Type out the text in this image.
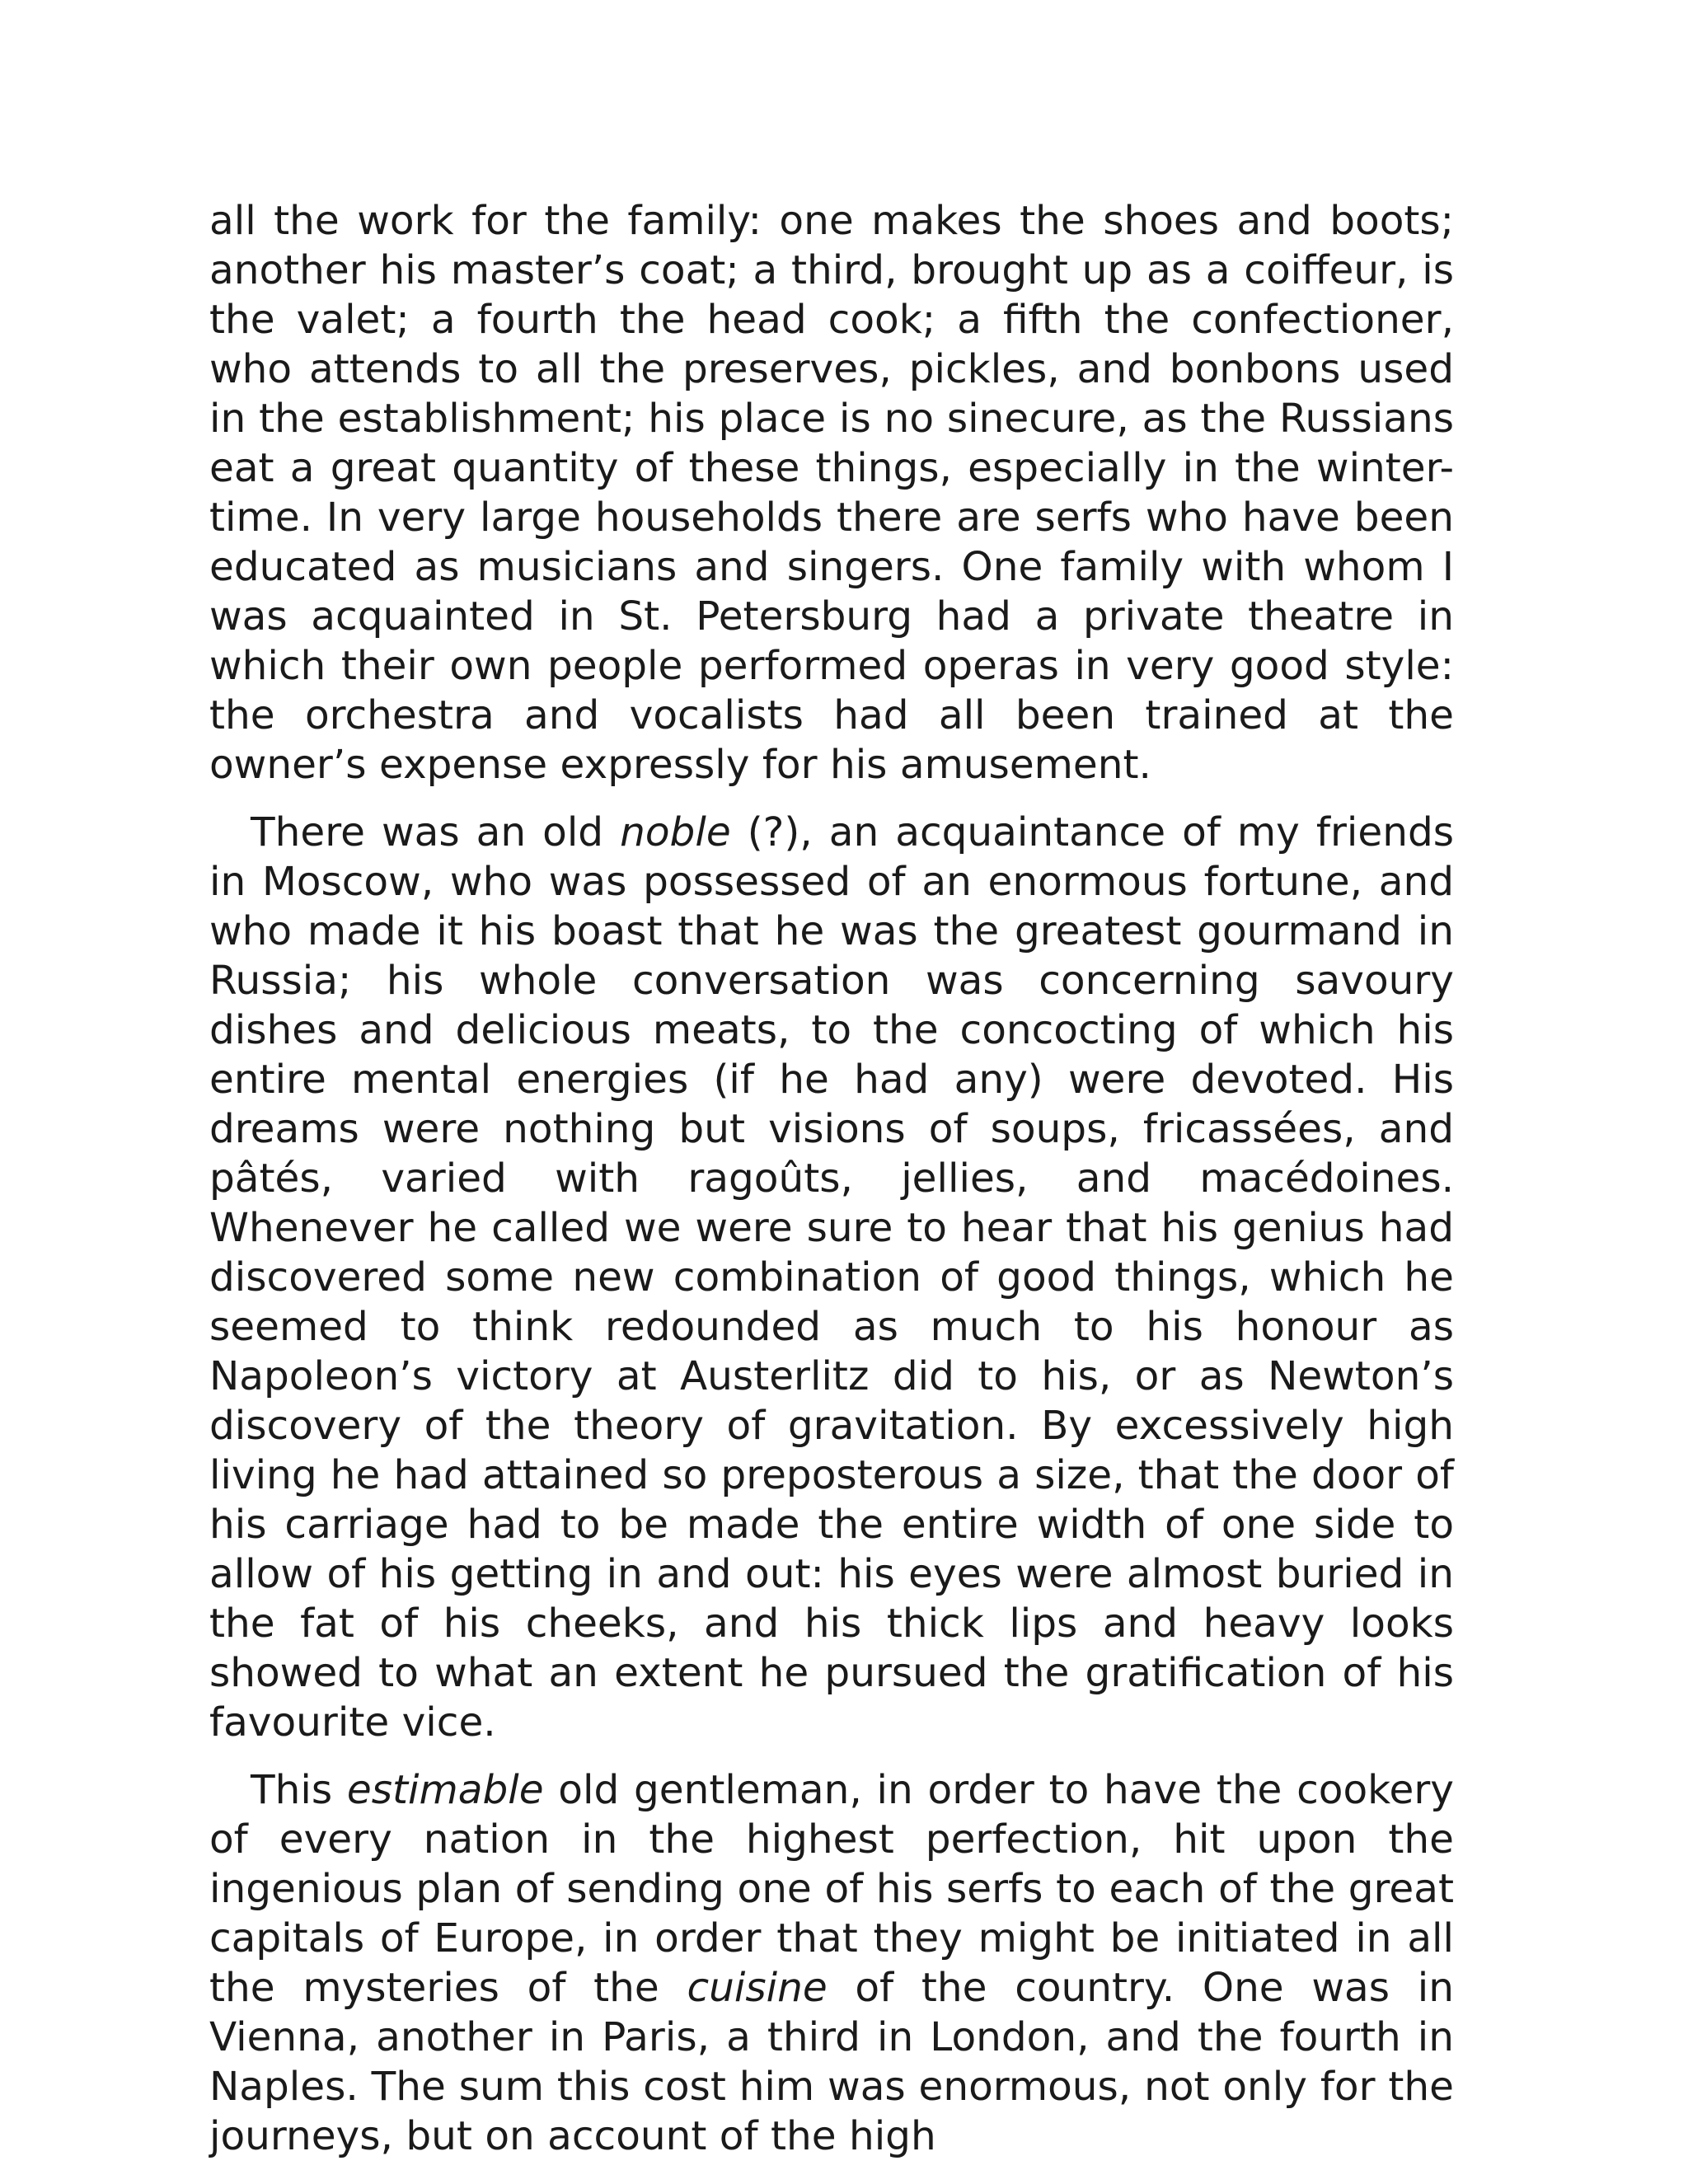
all the work for the family: one makes the shoes and boots; another his master’s coat; a third, brought up as a coiffeur, is the valet; a fourth the head cook; a fifth the confectioner, who attends to all the preserves, pickles, and bonbons used in the establishment; his place is no sinecure, as the Russians eat a great quantity of these things, especially in the winter-time. In very large households there are serfs who have been educated as musicians and singers. One family with whom I was acquainted in St. Petersburg had a private theatre in which their own people performed operas in very good style: the orchestra and vocalists had all been trained at the owner’s expense expressly for his amusement.

There was an old noble (?), an acquaintance of my friends in Moscow, who was possessed of an enormous fortune, and who made it his boast that he was the greatest gourmand in Russia; his whole conversation was concerning savoury dishes and delicious meats, to the concocting of which his entire mental energies (if he had any) were devoted. His dreams were nothing but visions of soups, fricassées, and pâtés, varied with ragoûts, jellies, and macédoines. Whenever he called we were sure to hear that his genius had discovered some new combination of good things, which he seemed to think redounded as much to his honour as Napoleon’s victory at Austerlitz did to his, or as Newton’s discovery of the theory of gravitation. By excessively high living he had attained so preposterous a size, that the door of his carriage had to be made the entire width of one side to allow of his getting in and out: his eyes were almost buried in the fat of his cheeks, and his thick lips and heavy looks showed to what an extent he pursued the gratification of his favourite vice.

This estimable old gentleman, in order to have the cookery of every nation in the highest perfection, hit upon the ingenious plan of sending one of his serfs to each of the great capitals of Europe, in order that they might be initiated in all the mysteries of the cuisine of the country. One was in Vienna, another in Paris, a third in London, and the fourth in Naples. The sum this cost him was enormous, not only for the journeys, but on account of the high
